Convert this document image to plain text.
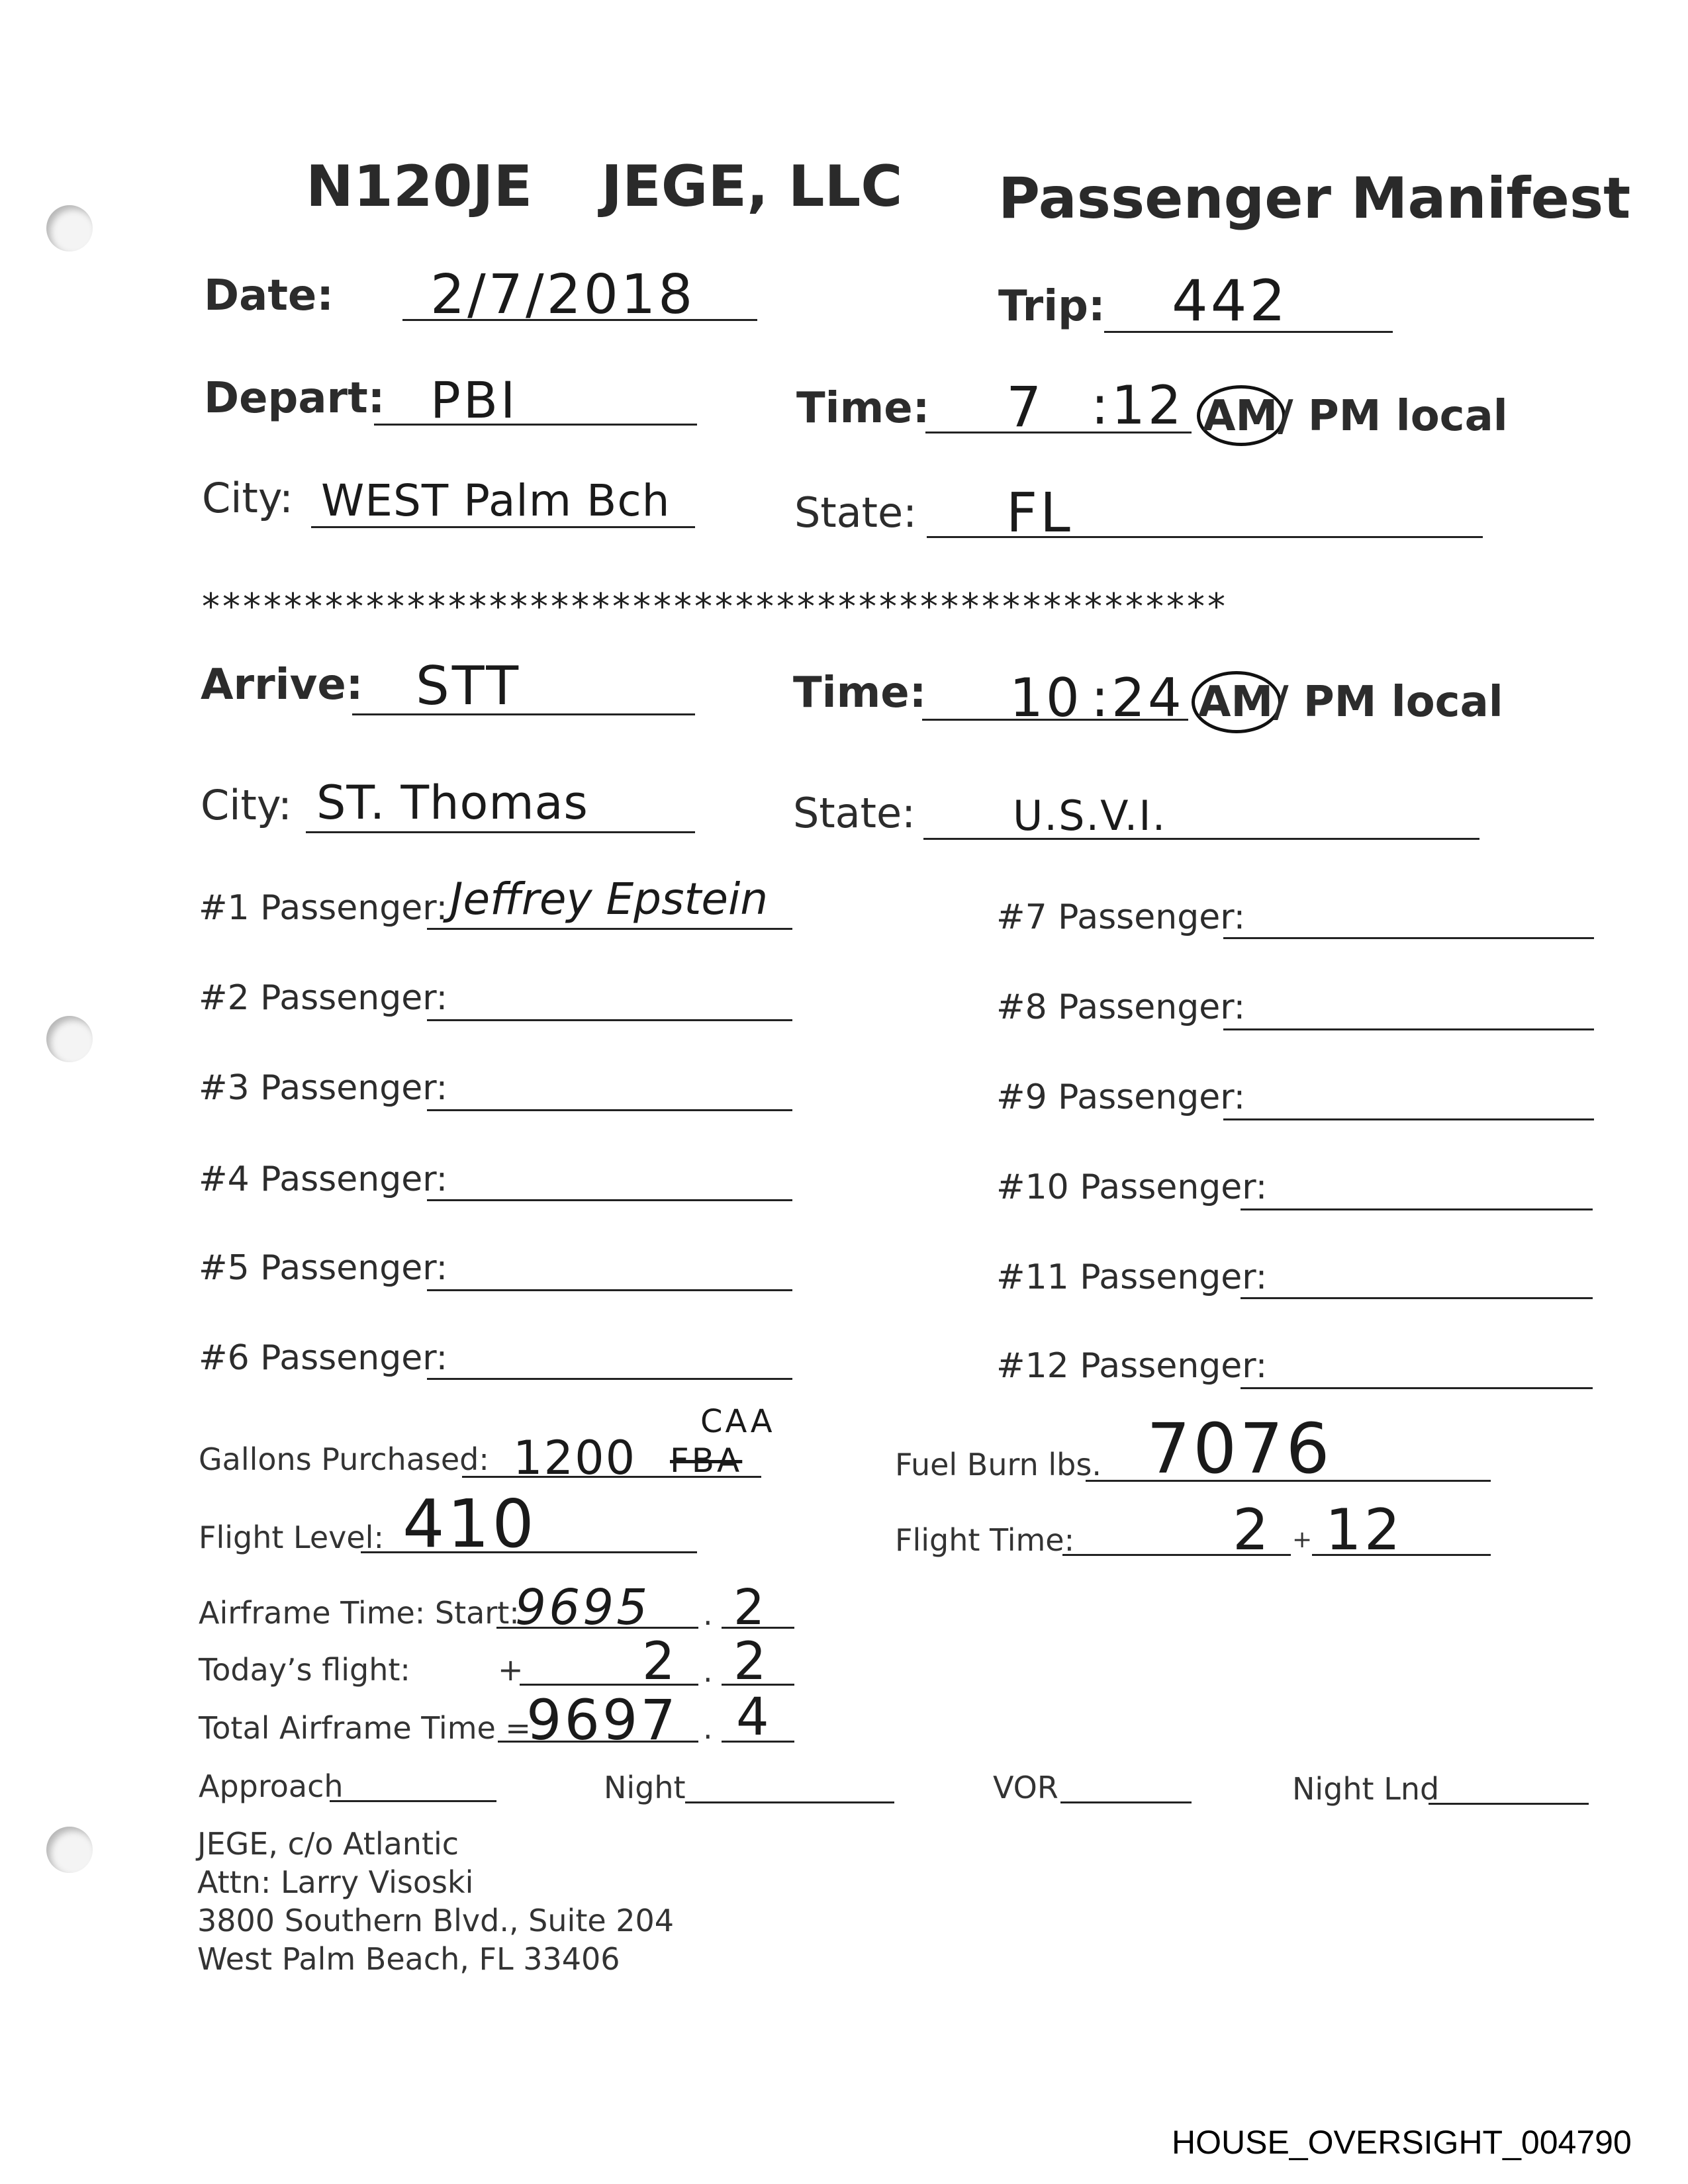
N120JE JEGE, LLC Passenger Manifest
Date: 2/7/2018	Trip: 442
Depart: PBI	Time: 7 :12 AM/ PM local
City: WEST Palm Bch	State: FL
**************************************************
Arrive: STT	Time: 10 :24 AM/ PM local
City: ST. Thomas	State: U.S.V.I.
#1 Passenger: Jeffrey Epstein
#2 Passenger:
#3 Passenger:
#4 Passenger:
#5 Passenger:
#6 Passenger:
#7 Passenger:
#8 Passenger:
#9 Passenger:
#10 Passenger:
#11 Passenger:
#12 Passenger:
Gallons Purchased: 1200 FBA
CAA
Fuel Burn lbs. 7076
Flight Level: 410	Flight Time:	2 + 12
Airframe Time: Start:
9695 . 2
Today’s flight:	+ 2 . 2
Total Airframe Time =
9697 . 4
Approach	Night	VOR	Night Lnd
JEGE, c/o Atlantic
Attn: Larry Visoski
3800 Southern Blvd., Suite 204
West Palm Beach, FL 33406
HOUSE_OVERSIGHT_004790
